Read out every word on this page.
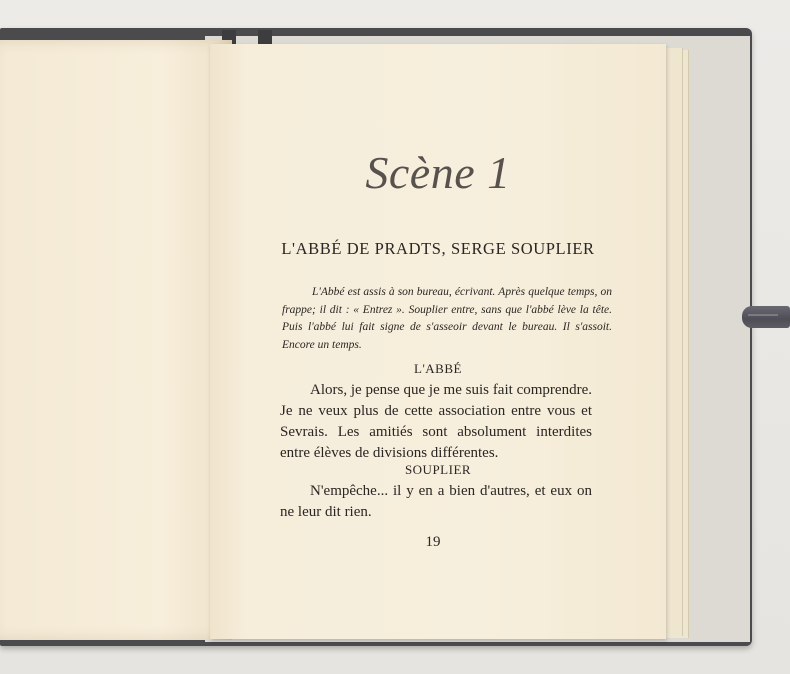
Scène 1
L'ABBÉ DE PRADTS, SERGE SOUPLIER
L'Abbé est assis à son bureau, écrivant. Après quelque temps, on frappe; il dit : « Entrez ». Souplier entre, sans que l'abbé lève la tête. Puis l'abbé lui fait signe de s'asseoir devant le bureau. Il s'assoit. Encore un temps.
L'ABBÉ
Alors, je pense que je me suis fait comprendre. Je ne veux plus de cette association entre vous et Sevrais. Les amitiés sont absolument interdites entre élèves de divisions différentes.
SOUPLIER
N'empêche... il y en a bien d'autres, et eux on ne leur dit rien.
19
